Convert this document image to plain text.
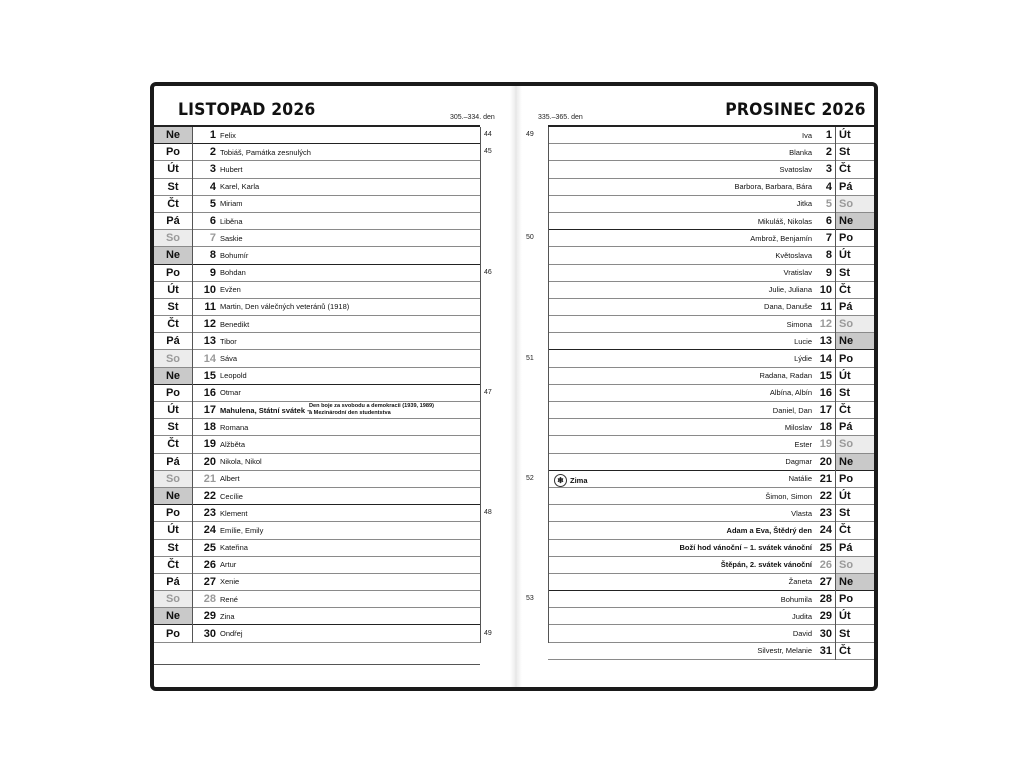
LISTOPAD 2026	305.–334. den
Ne	1 Felix
Po	2 Tobiáš, Památka zesnulých
Út	3 Hubert
St	4 Karel, Karla
Čt	5 Miriam
Pá	6 Liběna
So	7 Saskie
Ne	8 Bohumír
Po	9 Bohdan
Út	10 Evžen
St	11 Martin, Den válečných veteránů (1918)
Čt	12 Benedikt
Pá	13 Tibor
So	14 Sáva
Ne	15 Leopold
Po	16 Otmar
Út	17 Mahulena, Státní svátek –
Den boje za svobodu a demokracii (1939, 1989)
a Mezinárodní den studentstva
St	18 Romana
Čt	19 Alžběta
Pá	20 Nikola, Nikol
So	21 Albert
Ne	22 Cecílie
Po	23 Klement
Út	24 Emílie, Emily
St	25 Kateřina
Čt	26 Artur
Pá	27 Xenie
So	28 René
Ne	29 Zina
Po	30 Ondřej
44
45
46
47
48
49
PROSINEC 2026
335.–365. den
Iva	1 Út
Blanka	2 St
Svatoslav	3 Čt
Barbora, Barbara, Bára	4 Pá
Jitka	5 So
Mikuláš, Nikolas	6 Ne
Ambrož, Benjamín	7 Po
Květoslava	8 Út
Vratislav	9 St
Julie, Juliana 10 Čt
Dana, Danuše 11 Pá
Simona 12 So
Lucie 13 Ne
Lýdie 14 Po
Radana, Radan 15 Út
Albína, Albín 16 St
Daniel, Dan 17 Čt
Miloslav 18 Pá
Ester 19 So
Dagmar 20 Ne
Natálie 21 Po
Šimon, Simon 22 Út
Vlasta 23 St
Adam a Eva, Štědrý den 24 Čt
Boží hod vánoční – 1. svátek vánoční 25 Pá
Štěpán, 2. svátek vánoční 26 So
Žaneta 27 Ne
Bohumila 28 Po
Judita 29 Út
David 30 St
Silvestr, Melanie 31 Čt
49
50
51
52
53
❄ Zima
